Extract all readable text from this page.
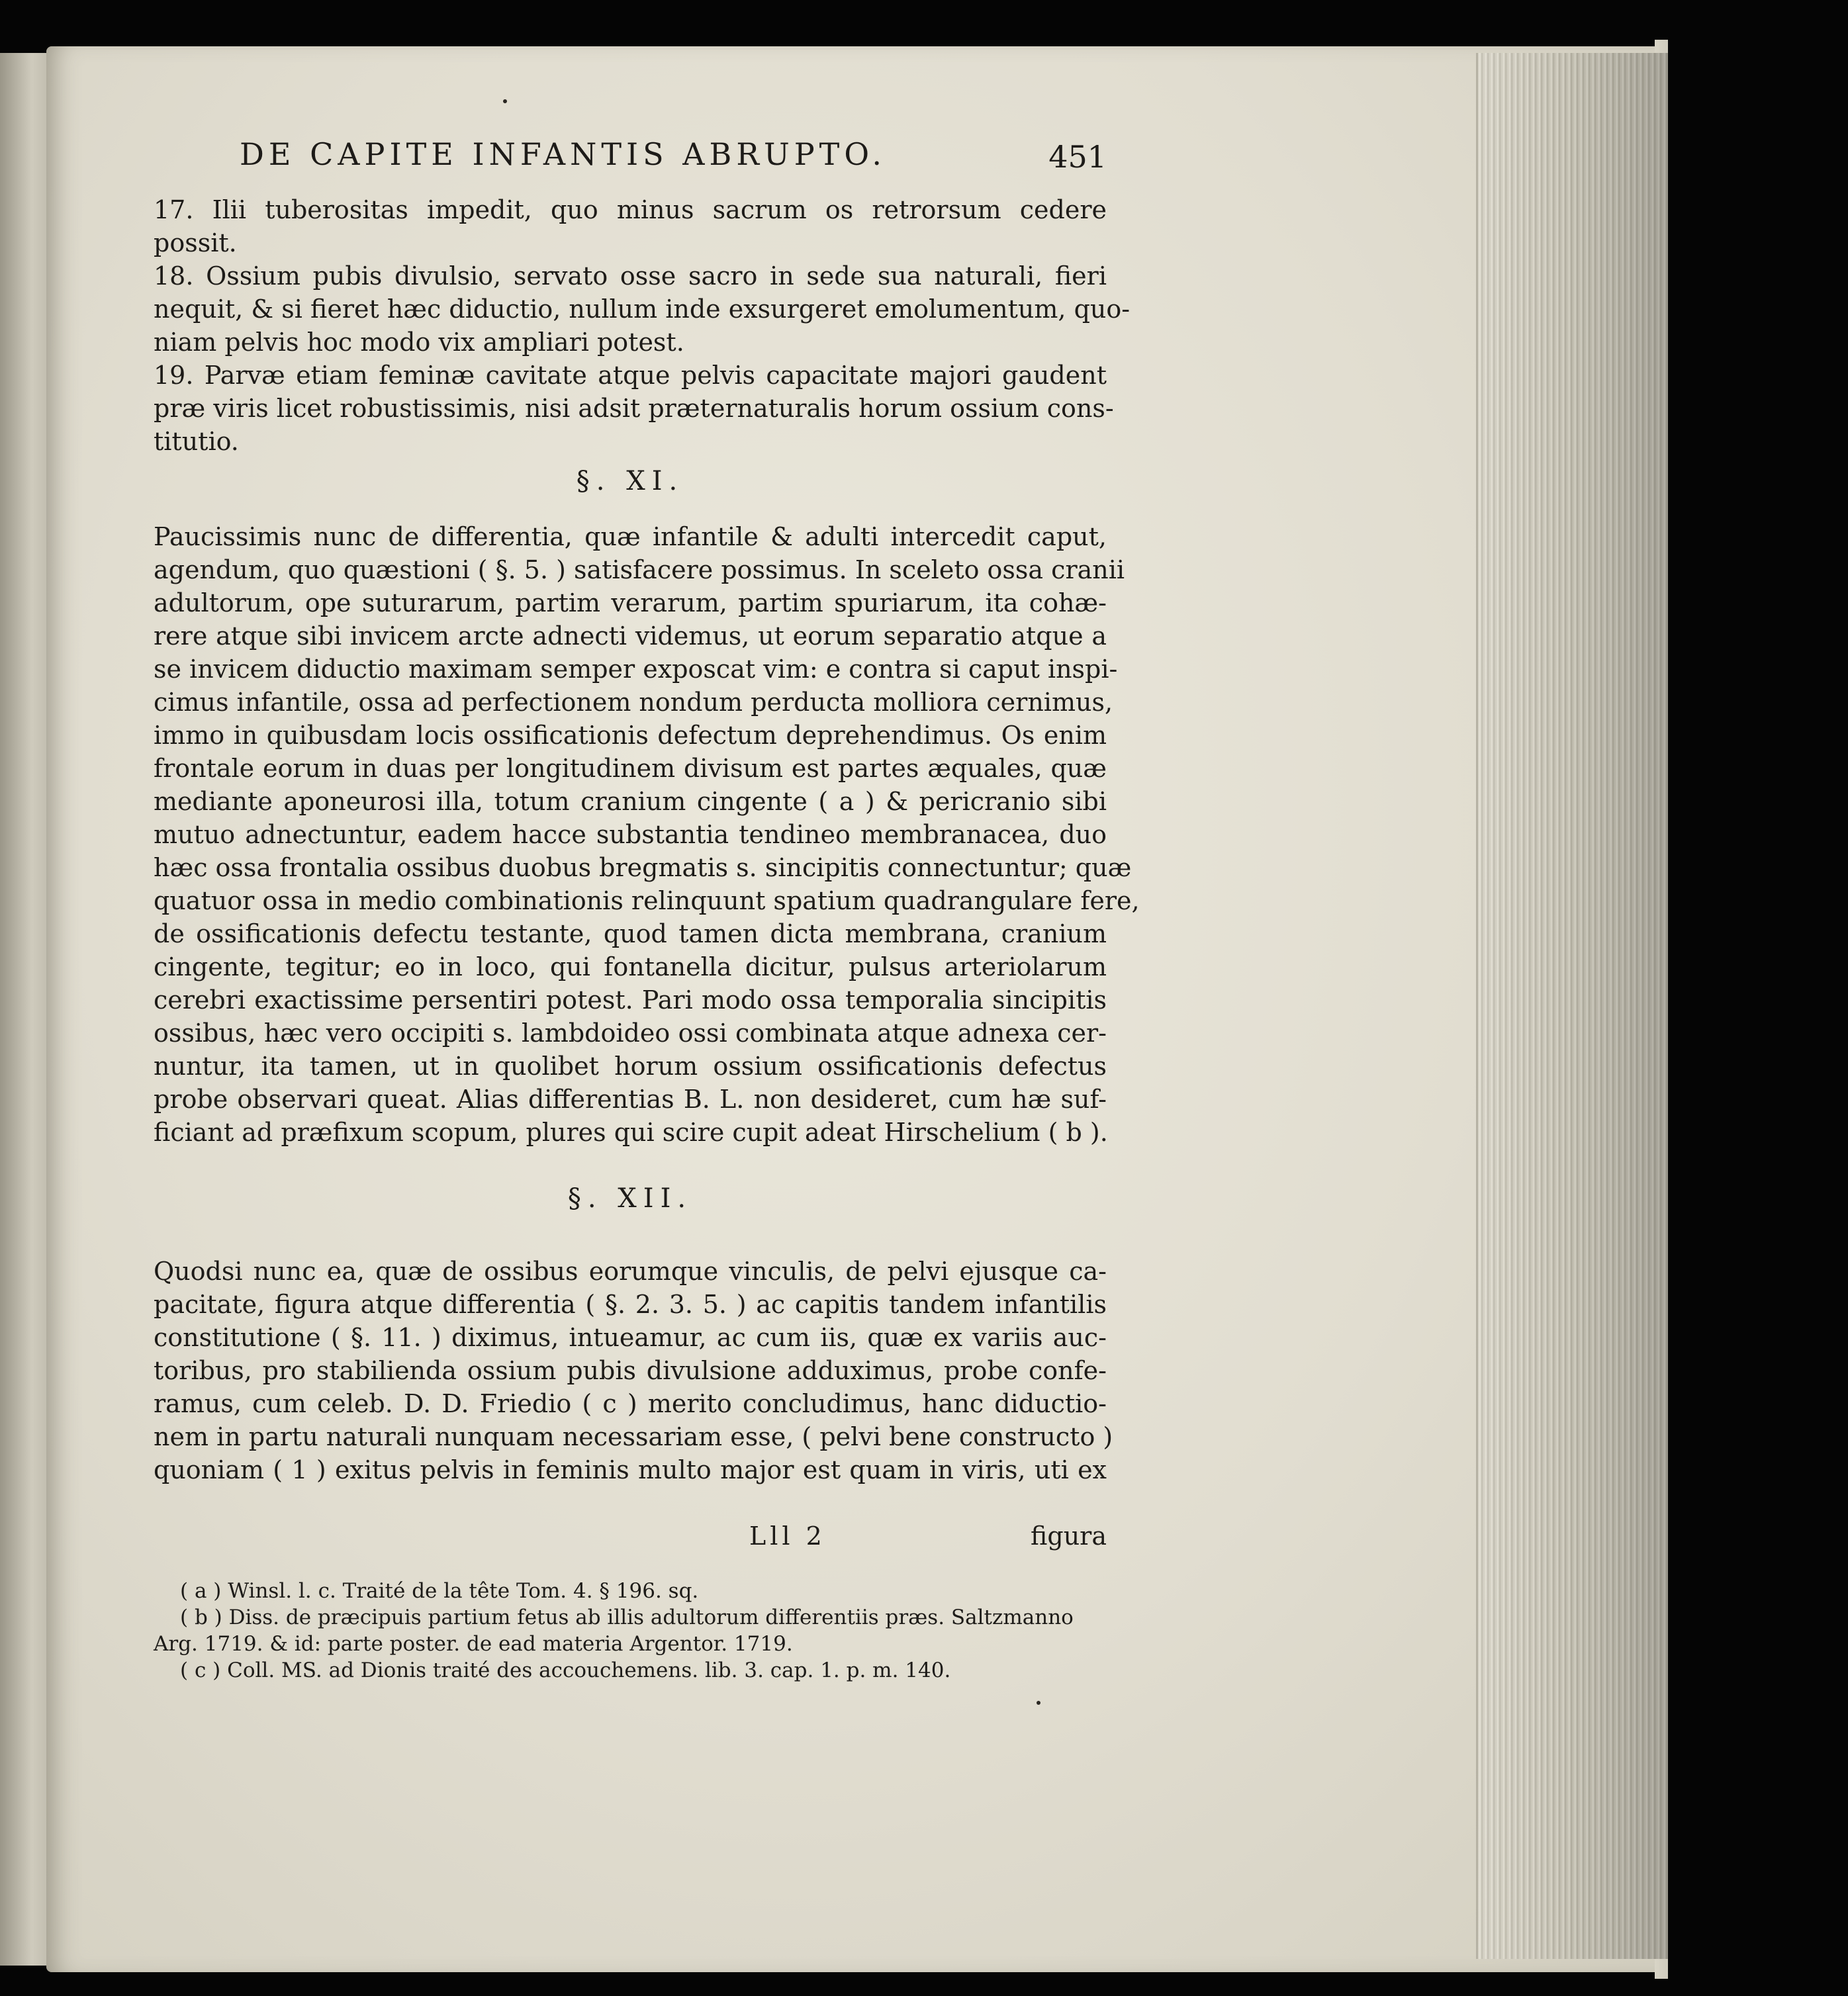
DE CAPITE INFANTIS ABRUPTO.	451
17. Ilii tuberositas impedit, quo minus sacrum os retrorsum cedere
possit.
18. Ossium pubis divulsio, servato osse sacro in sede sua naturali, fieri
nequit, & si fieret hæc diductio, nullum inde exsurgeret emolumentum, quo-
niam pelvis hoc modo vix ampliari potest.
19. Parvæ etiam feminæ cavitate atque pelvis capacitate majori gaudent
præ viris licet robustissimis, nisi adsit præternaturalis horum ossium cons-
titutio.
§. XI.
Paucissimis nunc de differentia, quæ infantile & adulti intercedit caput,
agendum, quo quæstioni ( §. 5. ) satisfacere possimus. In sceleto ossa cranii
adultorum, ope suturarum, partim verarum, partim spuriarum, ita cohæ-
rere atque sibi invicem arcte adnecti videmus, ut eorum separatio atque a
se invicem diductio maximam semper exposcat vim: e contra si caput inspi-
cimus infantile, ossa ad perfectionem nondum perducta molliora cernimus,
immo in quibusdam locis ossificationis defectum deprehendimus. Os enim
frontale eorum in duas per longitudinem divisum est partes æquales, quæ
mediante aponeurosi illa, totum cranium cingente ( a ) & pericranio sibi
mutuo adnectuntur, eadem hacce substantia tendineo membranacea, duo
hæc ossa frontalia ossibus duobus bregmatis s. sincipitis connectuntur; quæ
quatuor ossa in medio combinationis relinquunt spatium quadrangulare fere,
de ossificationis defectu testante, quod tamen dicta membrana, cranium
cingente, tegitur; eo in loco, qui fontanella dicitur, pulsus arteriolarum
cerebri exactissime persentiri potest. Pari modo ossa temporalia sincipitis
ossibus, hæc vero occipiti s. lambdoideo ossi combinata atque adnexa cer-
nuntur, ita tamen, ut in quolibet horum ossium ossificationis defectus
probe observari queat. Alias differentias B. L. non desideret, cum hæ suf-
ficiant ad præfixum scopum, plures qui scire cupit adeat Hirschelium ( b ).
§. XII.
Quodsi nunc ea, quæ de ossibus eorumque vinculis, de pelvi ejusque ca-
pacitate, figura atque differentia ( §. 2. 3. 5. ) ac capitis tandem infantilis
constitutione ( §. 11. ) diximus, intueamur, ac cum iis, quæ ex variis auc-
toribus, pro stabilienda ossium pubis divulsione adduximus, probe confe-
ramus, cum celeb. D. D. Friedio ( c ) merito concludimus, hanc diductio-
nem in partu naturali nunquam necessariam esse, ( pelvi bene constructo )
quoniam ( 1 ) exitus pelvis in feminis multo major est quam in viris, uti ex
Lll 2	figura
( a ) Winsl. l. c. Traité de la tête Tom. 4. § 196. sq.
( b ) Diss. de præcipuis partium fetus ab illis adultorum differentiis præs. Saltzmanno
Arg. 1719. & id: parte poster. de ead materia Argentor. 1719.
( c ) Coll. MS. ad Dionis traité des accouchemens. lib. 3. cap. 1. p. m. 140.
